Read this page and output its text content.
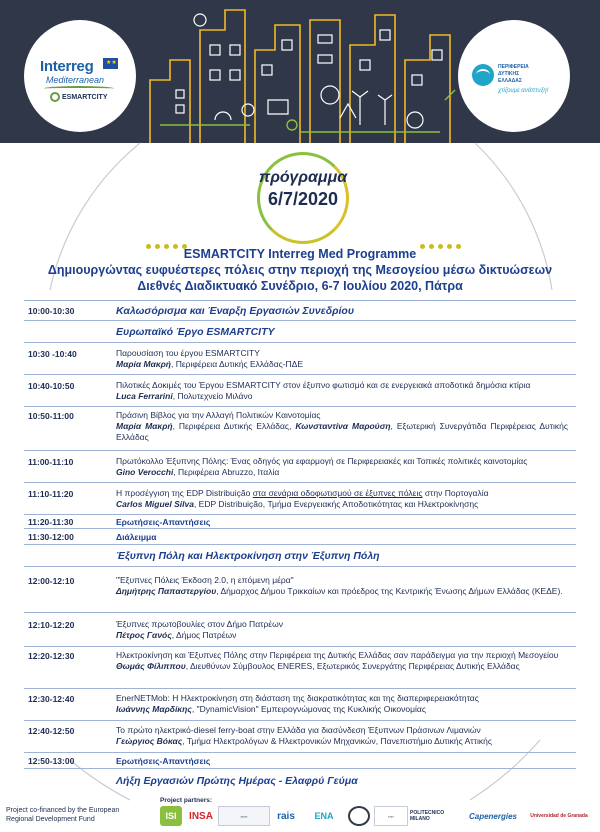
Interreg ★★
Mediterranean
ESMARTCITY
ΠΕΡΙΦΕΡΕΙΑ
ΔΥΤΙΚΗΣ
ΕΛΛΑΔΑΣ
χτίζουμε ανάπτυξη!
πρόγραμμα
6/7/2020
ESMARTCITY Interreg Med Programme
Δημιουργώντας ευφυέστερες πόλεις στην περιοχή της Μεσογείου μέσω δικτυώσεων
Διεθνές Διαδικτυακό Συνέδριο, 6-7 Ιουλίου 2020, Πάτρα
10:00-10:30	Καλωσόρισμα και Έναρξη Εργασιών Συνεδρίου
Ευρωπαϊκό Έργο ESMARTCITY
10:30 -10:40	Παρουσίαση του έργου ESMARTCITY
Μαρία Μακρή, Περιφέρεια Δυτικής Ελλάδας-ΠΔΕ
10:40-10:50	Πιλοτικές Δοκιμές του Έργου ESMARTCITY στον έξυπνο φωτισμό και σε ενεργειακά αποδοτικά δημόσια κτίρια
Luca Ferrarini, Πολυτεχνείο Μιλάνο
10:50-11:00	Πράσινη Βίβλος για την Αλλαγή Πολιτικών Καινοτομίας
Μαρία Μακρή, Περιφέρεια Δυτικής Ελλάδας, Κωνσταντίνα Μαρούση, Εξωτερική Συνεργάτιδα Περιφέρειας Δυτικής Ελλάδας
11:00-11:10	Πρωτόκολλο Έξυπνης Πόλης: Ένας οδηγός για εφαρμογή σε Περιφερειακές και Τοπικές πολιτικές καινοτομίας
Gino Verocchi, Περιφέρεια Abruzzo, Ιταλία
11:10-11:20	Η προσέγγιση της EDP Distribuição στα σενάρια οδοφωτισμού σε έξυπνες πόλεις στην Πορτογαλία
Carlos Miguel Silva, EDP Distribuição, Τμήμα Ενεργειακής Αποδοτικότητας και Ηλεκτροκίνησης
11:20-11:30	Ερωτήσεις-Απαντήσεις
11:30-12:00	Διάλειμμα
Έξυπνη Πόλη και Ηλεκτροκίνηση στην Έξυπνη Πόλη
12:00-12:10	"Έξυπνες Πόλεις Έκδοση 2.0, η επόμενη μέρα"
Δημήτρης Παπαστεργίου, Δήμαρχος Δήμου Τρικκαίων και πρόεδρος της Κεντρικής Ένωσης Δήμων Ελλάδας (ΚΕΔΕ).
12:10-12:20	Έξυπνες πρωτοβουλίες στον Δήμο Πατρέων
Πέτρος Γανός, Δήμος Πατρέων
12:20-12:30	Ηλεκτροκίνηση και Έξυπνες Πόλης στην Περιφέρεια της Δυτικής Ελλάδας σαν παράδειγμα για την περιοχή Μεσογείου
Θωμάς Φίλιππου, Διευθύνων Σύμβουλος ENERES, Εξωτερικός Συνεργάτης Περιφέρειας Δυτικής Ελλάδας
12:30-12:40	EnerNETMob: Η Ηλεκτροκίνηση στη διάσταση της διακρατικότητας και της διαπεριφερειακότητας
Ιωάννης Μαρδίκης, "DynamicVision" Εμπειρογνώμονας της Κυκλικής Οικονομίας
12:40-12:50	Το πρώτο ηλεκτρικό-diesel ferry-boat στην Ελλάδα για διασύνδεση Έξυπνων Πράσινων Λιμανιών
Γεώργιος Βόκας, Τμήμα Ηλεκτρολόγων & Ηλεκτρονικών Μηχανικών, Πανεπιστήμιο Δυτικής Αττικής
12:50-13:00	Ερωτήσεις-Απαντήσεις
Λήξη Εργασιών Πρώτης Ημέρας - Ελαφρύ Γεύμα
Project co-financed by the European
Regional Development Fund
Project partners:
ISI INSA	▪▪▪▪▪	rais ENA	▪▪▪▪	POLITECNICO MILANO	Capenergies	Universidad de Granada
